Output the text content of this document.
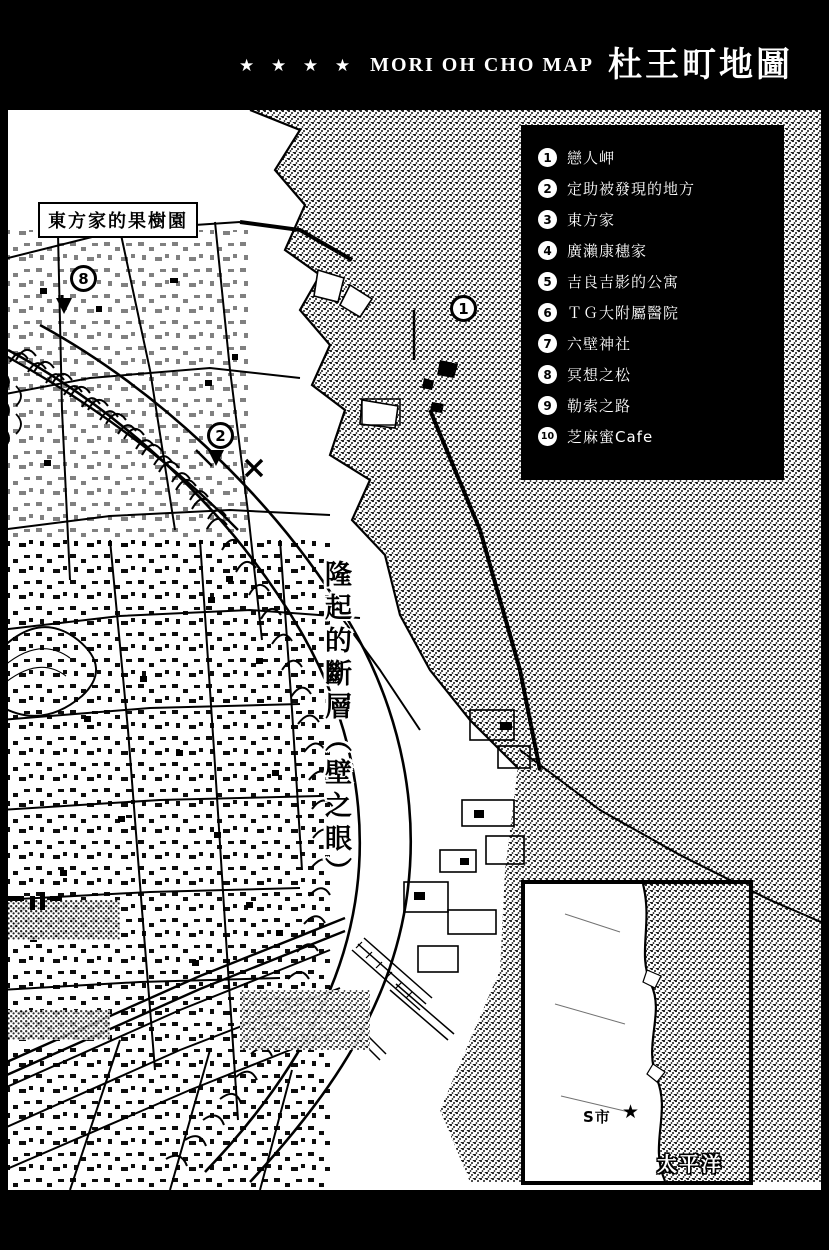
★ ★ ★ ★ MORI OH CHO MAP 杜王町地圖
東方家的果樹園
隆起的斷層（壁之眼）
1
2
8
1	戀人岬
2	定助被發現的地方
3	東方家
4	廣瀨康穗家
5	吉良吉影的公寓
6	ＴＧ大附屬醫院
7	六壁神社
8	冥想之松
9	勒索之路
10 芝麻蜜Cafe
S市 ★
太平洋
